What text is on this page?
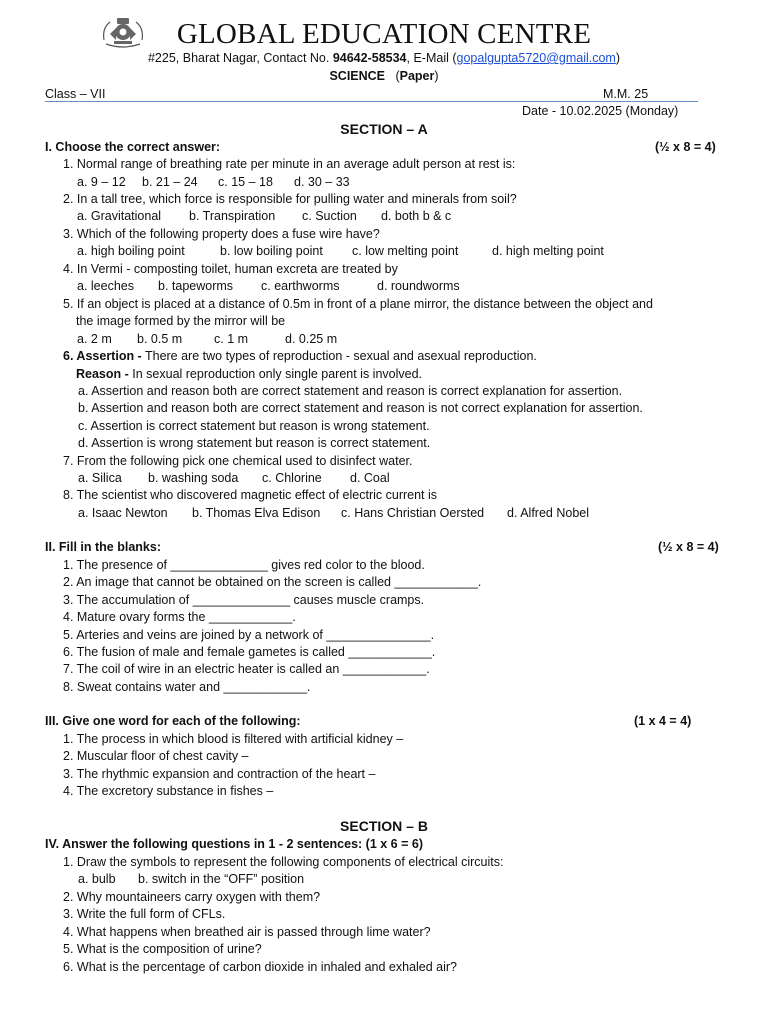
GLOBAL EDUCATION CENTRE
#225, Bharat Nagar, Contact No. 94642-58534, E-Mail (gopalgupta5720@gmail.com)
SCIENCE (Paper)
Class – VII	M.M. 25
Date - 10.02.2025 (Monday)
SECTION – A
I. Choose the correct answer:	(½ x 8 = 4)
1. Normal range of breathing rate per minute in an average adult person at rest is:
a. 9 – 12 b. 21 – 24 c. 15 – 18 d. 30 – 33
2. In a tall tree, which force is responsible for pulling water and minerals from soil?
a. Gravitational b. Transpiration c. Suction d. both b & c
3. Which of the following property does a fuse wire have?
a. high boiling point	b. low boiling point c. low melting point	d. high melting point
4. In Vermi - composting toilet, human excreta are treated by
a. leeches b. tapeworms c. earthworms	d. roundworms
5. If an object is placed at a distance of 0.5m in front of a plane mirror, the distance between the object and
the image formed by the mirror will be
a. 2 m b. 0.5 m	c. 1 m	d. 0.25 m
6. Assertion - There are two types of reproduction - sexual and asexual reproduction.
Reason - In sexual reproduction only single parent is involved.
a. Assertion and reason both are correct statement and reason is correct explanation for assertion.
b. Assertion and reason both are correct statement and reason is not correct explanation for assertion.
c. Assertion is correct statement but reason is wrong statement.
d. Assertion is wrong statement but reason is correct statement.
7. From the following pick one chemical used to disinfect water.
a. Silica b. washing soda c. Chlorine d. Coal
8. The scientist who discovered magnetic effect of electric current is
a. Isaac Newton b. Thomas Elva Edison c. Hans Christian Oersted d. Alfred Nobel
II. Fill in the blanks:	(½ x 8 = 4)
1. The presence of ______________ gives red color to the blood.
2. An image that cannot be obtained on the screen is called ____________.
3. The accumulation of ______________ causes muscle cramps.
4. Mature ovary forms the ____________.
5. Arteries and veins are joined by a network of _______________.
6. The fusion of male and female gametes is called ____________.
7. The coil of wire in an electric heater is called an ____________.
8. Sweat contains water and ____________.
III. Give one word for each of the following:	(1 x 4 = 4)
1. The process in which blood is filtered with artificial kidney –
2. Muscular floor of chest cavity –
3. The rhythmic expansion and contraction of the heart –
4. The excretory substance in fishes –
SECTION – B
IV. Answer the following questions in 1 - 2 sentences: (1 x 6 = 6)
1. Draw the symbols to represent the following components of electrical circuits:
a. bulb b. switch in the “OFF” position
2. Why mountaineers carry oxygen with them?
3. Write the full form of CFLs.
4. What happens when breathed air is passed through lime water?
5. What is the composition of urine?
6. What is the percentage of carbon dioxide in inhaled and exhaled air?
